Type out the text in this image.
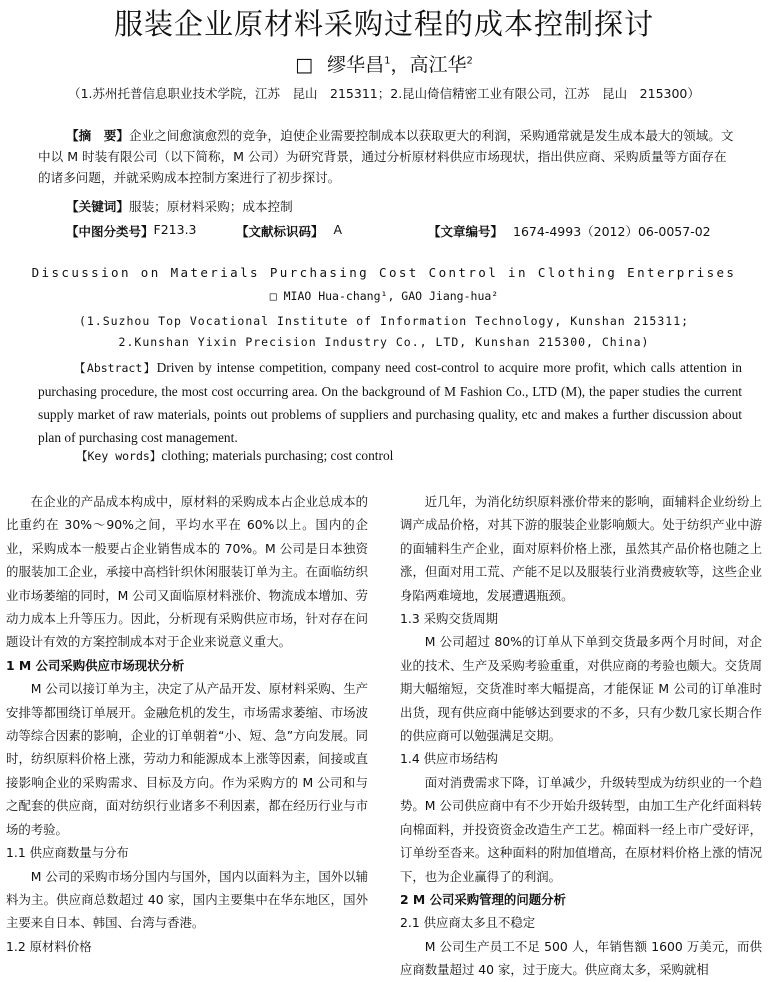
服装企业原材料采购过程的成本控制探讨
□ 缪华昌$^1$，高江华$^2$
（1.苏州托普信息职业技术学院，江苏　昆山　215311；2.昆山倚信精密工业有限公司，江苏　昆山　215300）
【摘　要】企业之间愈演愈烈的竞争，迫使企业需要控制成本以获取更大的利润，采购通常就是发生成本最大的领域。文中以 M 时装有限公司（以下简称，M 公司）为研究背景，通过分析原材料供应市场现状，指出供应商、采购质量等方面存在的诸多问题，并就采购成本控制方案进行了初步探讨。
【关键词】服装；原材料采购；成本控制
【中图分类号】 F213.3	【文献标识码】 A	【文章编号】 1674-4993（2012）06-0057-02
Discussion on Materials Purchasing Cost Control in Clothing Enterprises
□ MIAO Hua-chang¹, GAO Jiang-hua²
(1.Suzhou Top Vocational Institute of Information Technology, Kunshan 215311;
2.Kunshan Yixin Precision Industry Co., LTD, Kunshan 215300, China)
【Abstract】Driven by intense competition, company need cost-control to acquire more profit, which calls attention in purchasing procedure, the most cost occurring area. On the background of M Fashion Co., LTD (M), the paper studies the current supply market of raw materials, points out problems of suppliers and purchasing quality, etc and makes a further discussion about plan of purchasing cost management.
【Key words】clothing; materials purchasing; cost control

在企业的产品成本构成中，原材料的采购成本占企业总成本的比重约在 30%～90%之间，平均水平在 60%以上。国内的企业，采购成本一般要占企业销售成本的 70%。M 公司是日本独资的服装加工企业，承接中高档针织休闲服装订单为主。在面临纺织业市场萎缩的同时，M 公司又面临原材料涨价、物流成本增加、劳动力成本上升等压力。因此，分析现有采购供应市场，针对存在问题设计有效的方案控制成本对于企业来说意义重大。

1 M 公司采购供应市场现状分析

M 公司以接订单为主，决定了从产品开发、原材料采购、生产安排等都围绕订单展开。金融危机的发生，市场需求萎缩、市场波动等综合因素的影响，企业的订单朝着“小、短、急”方向发展。同时，纺织原料价格上涨，劳动力和能源成本上涨等因素，间接或直接影响企业的采购需求、目标及方向。作为采购方的 M 公司和与之配套的供应商，面对纺织行业诸多不利因素，都在经历行业与市场的考验。

1.1 供应商数量与分布

M 公司的采购市场分国内与国外，国内以面料为主，国外以辅料为主。供应商总数超过 40 家，国内主要集中在华东地区，国外主要来自日本、韩国、台湾与香港。

1.2 原材料价格

近几年，为消化纺织原料涨价带来的影响，面辅料企业纷纷上调产成品价格，对其下游的服装企业影响颇大。处于纺织产业中游的面辅料生产企业，面对原料价格上涨，虽然其产品价格也随之上涨，但面对用工荒、产能不足以及服装行业消费疲软等，这些企业身陷两难境地，发展遭遇瓶颈。

1.3 采购交货周期

M 公司超过 80%的订单从下单到交货最多两个月时间，对企业的技术、生产及采购考验重重，对供应商的考验也颇大。交货周期大幅缩短，交货准时率大幅提高，才能保证 M 公司的订单准时出货，现有供应商中能够达到要求的不多，只有少数几家长期合作的供应商可以勉强满足交期。

1.4 供应市场结构

面对消费需求下降，订单减少，升级转型成为纺织业的一个趋势。M 公司供应商中有不少开始升级转型，由加工生产化纤面料转向棉面料，并投资资金改造生产工艺。棉面料一经上市广受好评，订单纷至沓来。这种面料的附加值增高，在原材料价格上涨的情况下，也为企业赢得了的利润。

2 M 公司采购管理的问题分析

2.1 供应商太多且不稳定

M 公司生产员工不足 500 人，年销售额 1600 万美元，而供应商数量超过 40 家，过于庞大。供应商太多，采购就相
